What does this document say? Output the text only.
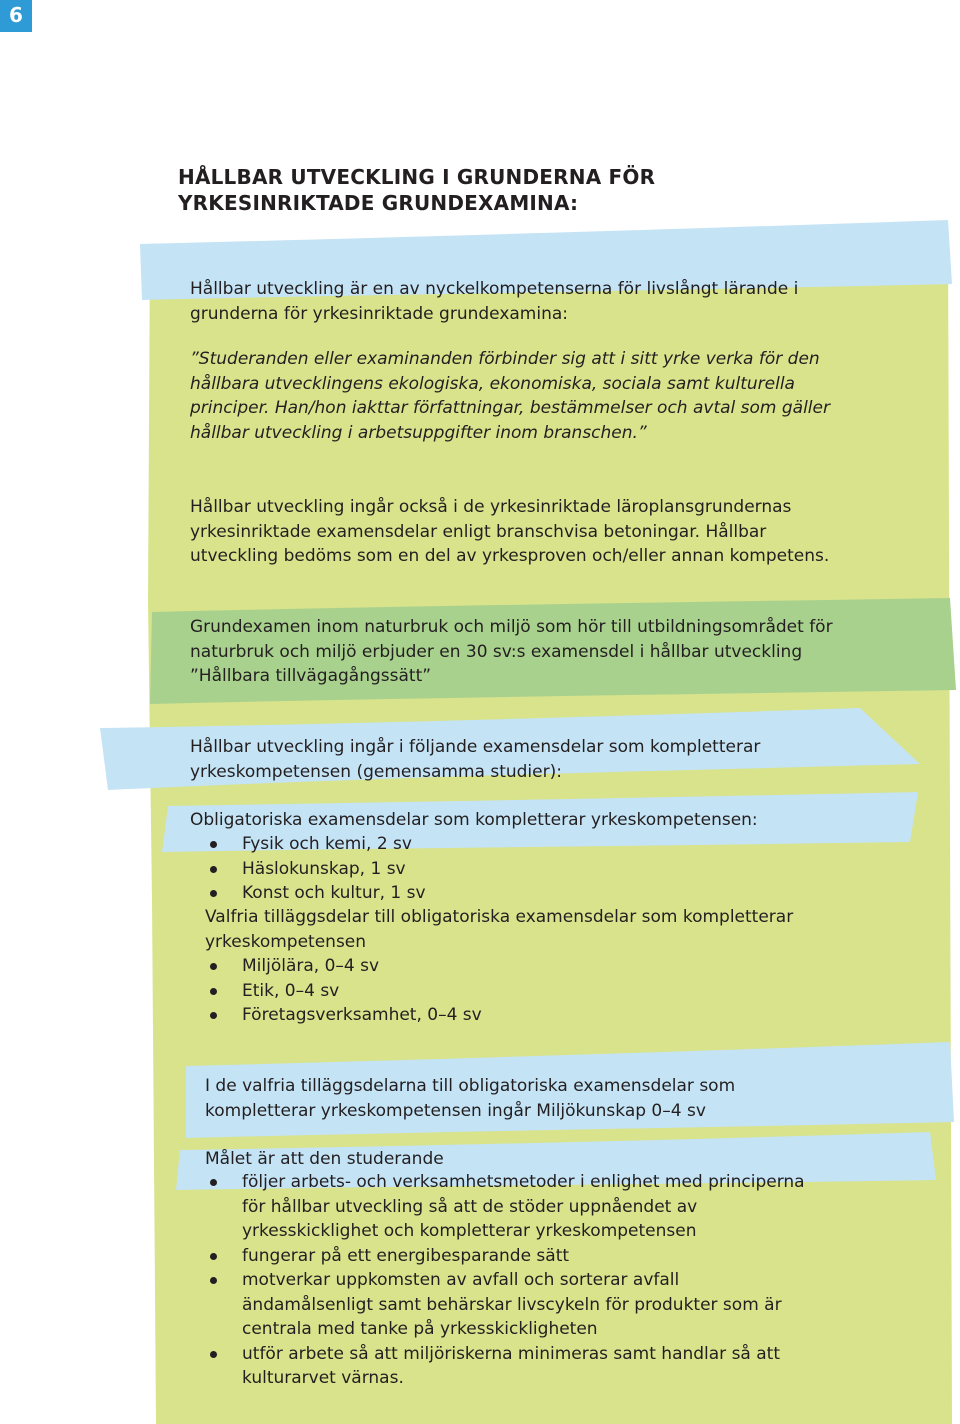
6
HÅLLBAR UTVECKLING I GRUNDERNA FÖR
YRKESINRIKTADE GRUNDEXAMINA:

Hållbar utveckling är en av nyckelkompetenserna för livslångt lärande i
grunderna för yrkesinriktade grundexamina:

”Studeranden eller examinanden förbinder sig att i sitt yrke verka för den
hållbara utvecklingens ekologiska, ekonomiska, sociala samt kulturella
principer. Han/hon iakttar författningar, bestämmelser och avtal som gäller
hållbar utveckling i arbetsuppgifter inom branschen.”

Hållbar utveckling ingår också i de yrkesinriktade läroplansgrundernas
yrkesinriktade examensdelar enligt branschvisa betoningar. Hållbar
utveckling bedöms som en del av yrkesproven och/eller annan kompetens.

Grundexamen inom naturbruk och miljö som hör till utbildningsområdet för
naturbruk och miljö erbjuder en 30 sv:s examensdel i hållbar utveckling
”Hållbara tillvägagångssätt”

Hållbar utveckling ingår i följande examensdelar som kompletterar
yrkeskompetensen (gemensamma studier):

Obligatoriska examensdelar som kompletterar yrkeskompetensen:

Fysik och kemi, 2 sv
Häslokunskap, 1 sv
Konst och kultur, 1 sv

Valfria tilläggsdelar till obligatoriska examensdelar som kompletterar
yrkeskompetensen

Miljölära, 0–4 sv
Etik, 0–4 sv
Företagsverksamhet, 0–4 sv

I de valfria tilläggsdelarna till obligatoriska examensdelar som
kompletterar yrkeskompetensen ingår Miljökunskap 0–4 sv

Målet är att den studerande

följer arbets- och verksamhetsmetoder i enlighet med principerna
för hållbar utveckling så att de stöder uppnåendet av
yrkesskicklighet och kompletterar yrkeskompetensen
fungerar på ett energibesparande sätt
motverkar uppkomsten av avfall och sorterar avfall
ändamålsenligt samt behärskar livscykeln för produkter som är
centrala med tanke på yrkesskickligheten
utför arbete så att miljöriskerna minimeras samt handlar så att
kulturarvet värnas.
